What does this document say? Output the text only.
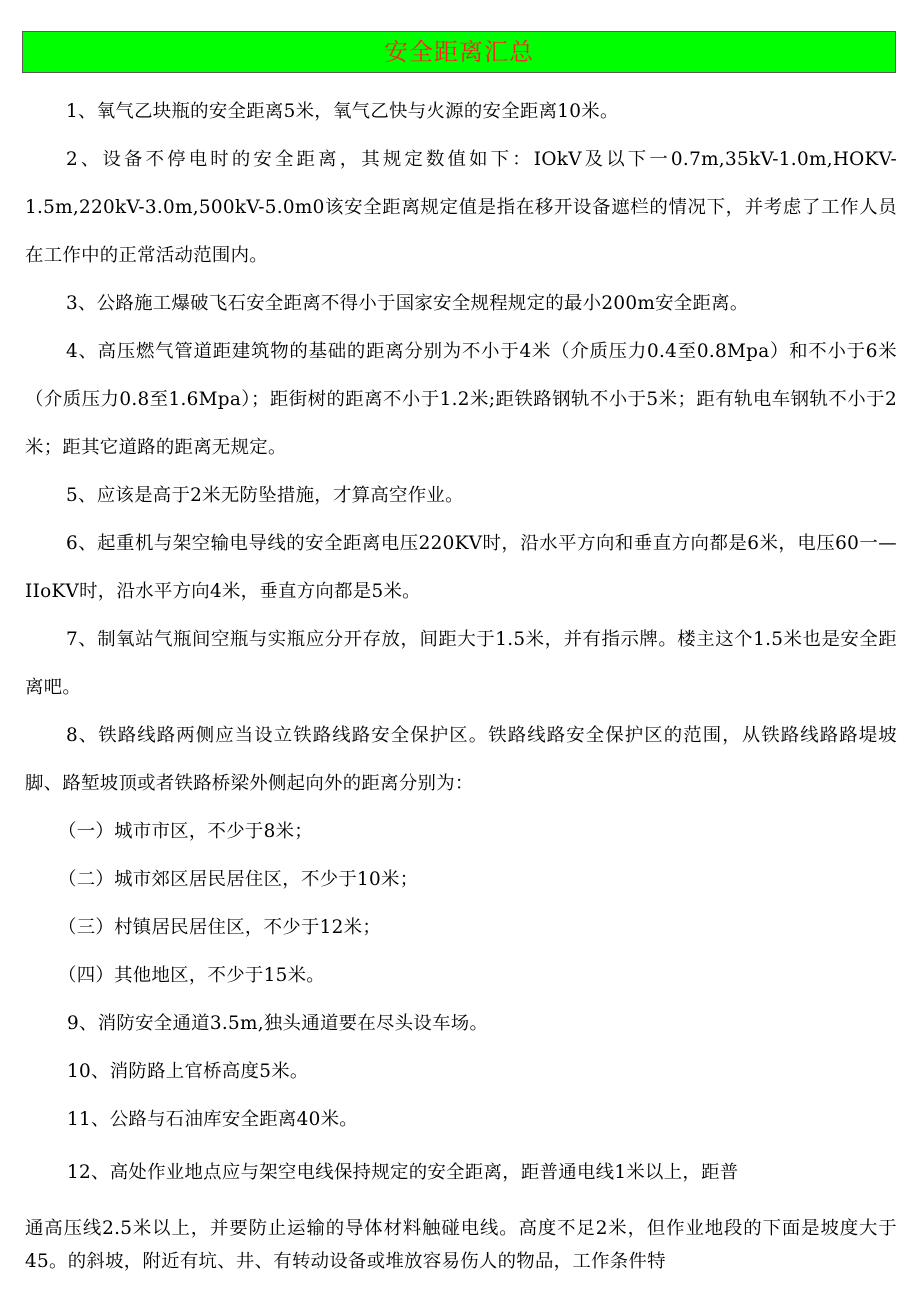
安全距离汇总

1、氧气乙块瓶的安全距离5米，氧气乙快与火源的安全距离10米。

2、设备不停电时的安全距离，其规定数值如下：IOkV及以下一0.7m,35kV-1.0m,HOKV-1.5m,220kV-3.0m,500kV-5.0m0该安全距离规定值是指在移开设备遮栏的情况下，并考虑了工作人员在工作中的正常活动范围内。

3、公路施工爆破飞石安全距离不得小于国家安全规程规定的最小200m安全距离。

4、高压燃气管道距建筑物的基础的距离分别为不小于4米（介质压力0.4至0.8Mpa）和不小于6米（介质压力0.8至1.6Mpa）；距街树的距离不小于1.2米;距铁路钢轨不小于5米；距有轨电车钢轨不小于2米；距其它道路的距离无规定。

5、应该是高于2米无防坠措施，才算高空作业。

6、起重机与架空输电导线的安全距离电压220KV时，沿水平方向和垂直方向都是6米，电压60一—IIoKV时，沿水平方向4米，垂直方向都是5米。

7、制氧站气瓶间空瓶与实瓶应分开存放，间距大于1.5米，并有指示牌。楼主这个1.5米也是安全距离吧。

8、铁路线路两侧应当设立铁路线路安全保护区。铁路线路安全保护区的范围，从铁路线路路堤坡脚、路堑坡顶或者铁路桥梁外侧起向外的距离分别为：

（一）城市市区，不少于8米；

（二）城市郊区居民居住区，不少于10米；

（三）村镇居民居住区，不少于12米；

（四）其他地区，不少于15米。

9、消防安全通道3.5m,独头通道要在尽头设车场。

10、消防路上官桥高度5米。

11、公路与石油库安全距离40米。

12、高处作业地点应与架空电线保持规定的安全距离，距普通电线1米以上，距普

通高压线2.5米以上，并要防止运输的导体材料触碰电线。高度不足2米，但作业地段的下面是坡度大于45。的斜坡，附近有坑、井、有转动设备或堆放容易伤人的物品，工作条件特
